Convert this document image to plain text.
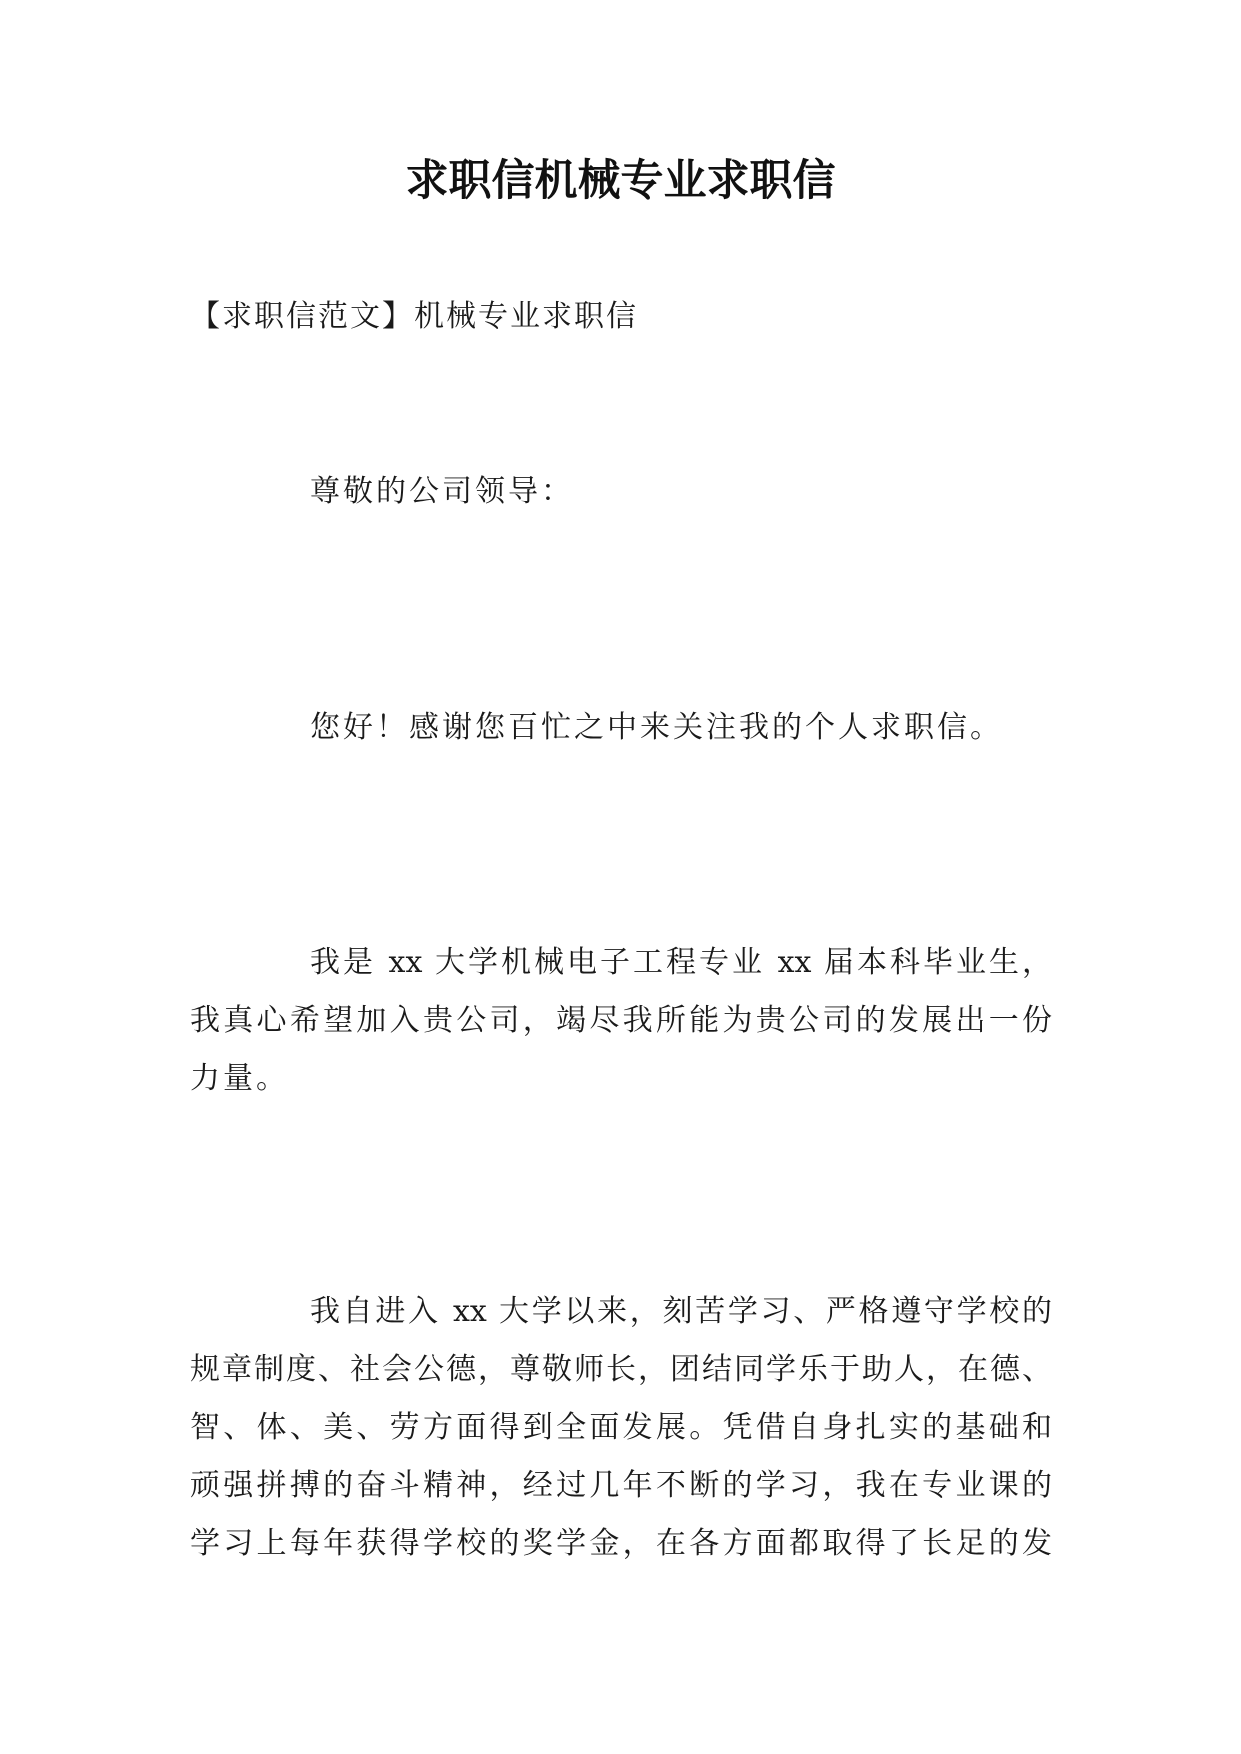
求职信机械专业求职信
【求职信范文】机械专业求职信
尊敬的公司领导：
您好！感谢您百忙之中来关注我的个人求职信。
我是 xx 大学机械电子工程专业 xx 届本科毕业生，
我真心希望加入贵公司，竭尽我所能为贵公司的发展出一份
力量。
我自进入 xx 大学以来，刻苦学习、严格遵守学校的
规章制度、社会公德，尊敬师长，团结同学乐于助人，在德、
智、体、美、劳方面得到全面发展。凭借自身扎实的基础和
顽强拼搏的奋斗精神，经过几年不断的学习，我在专业课的
学习上每年获得学校的奖学金，在各方面都取得了长足的发
